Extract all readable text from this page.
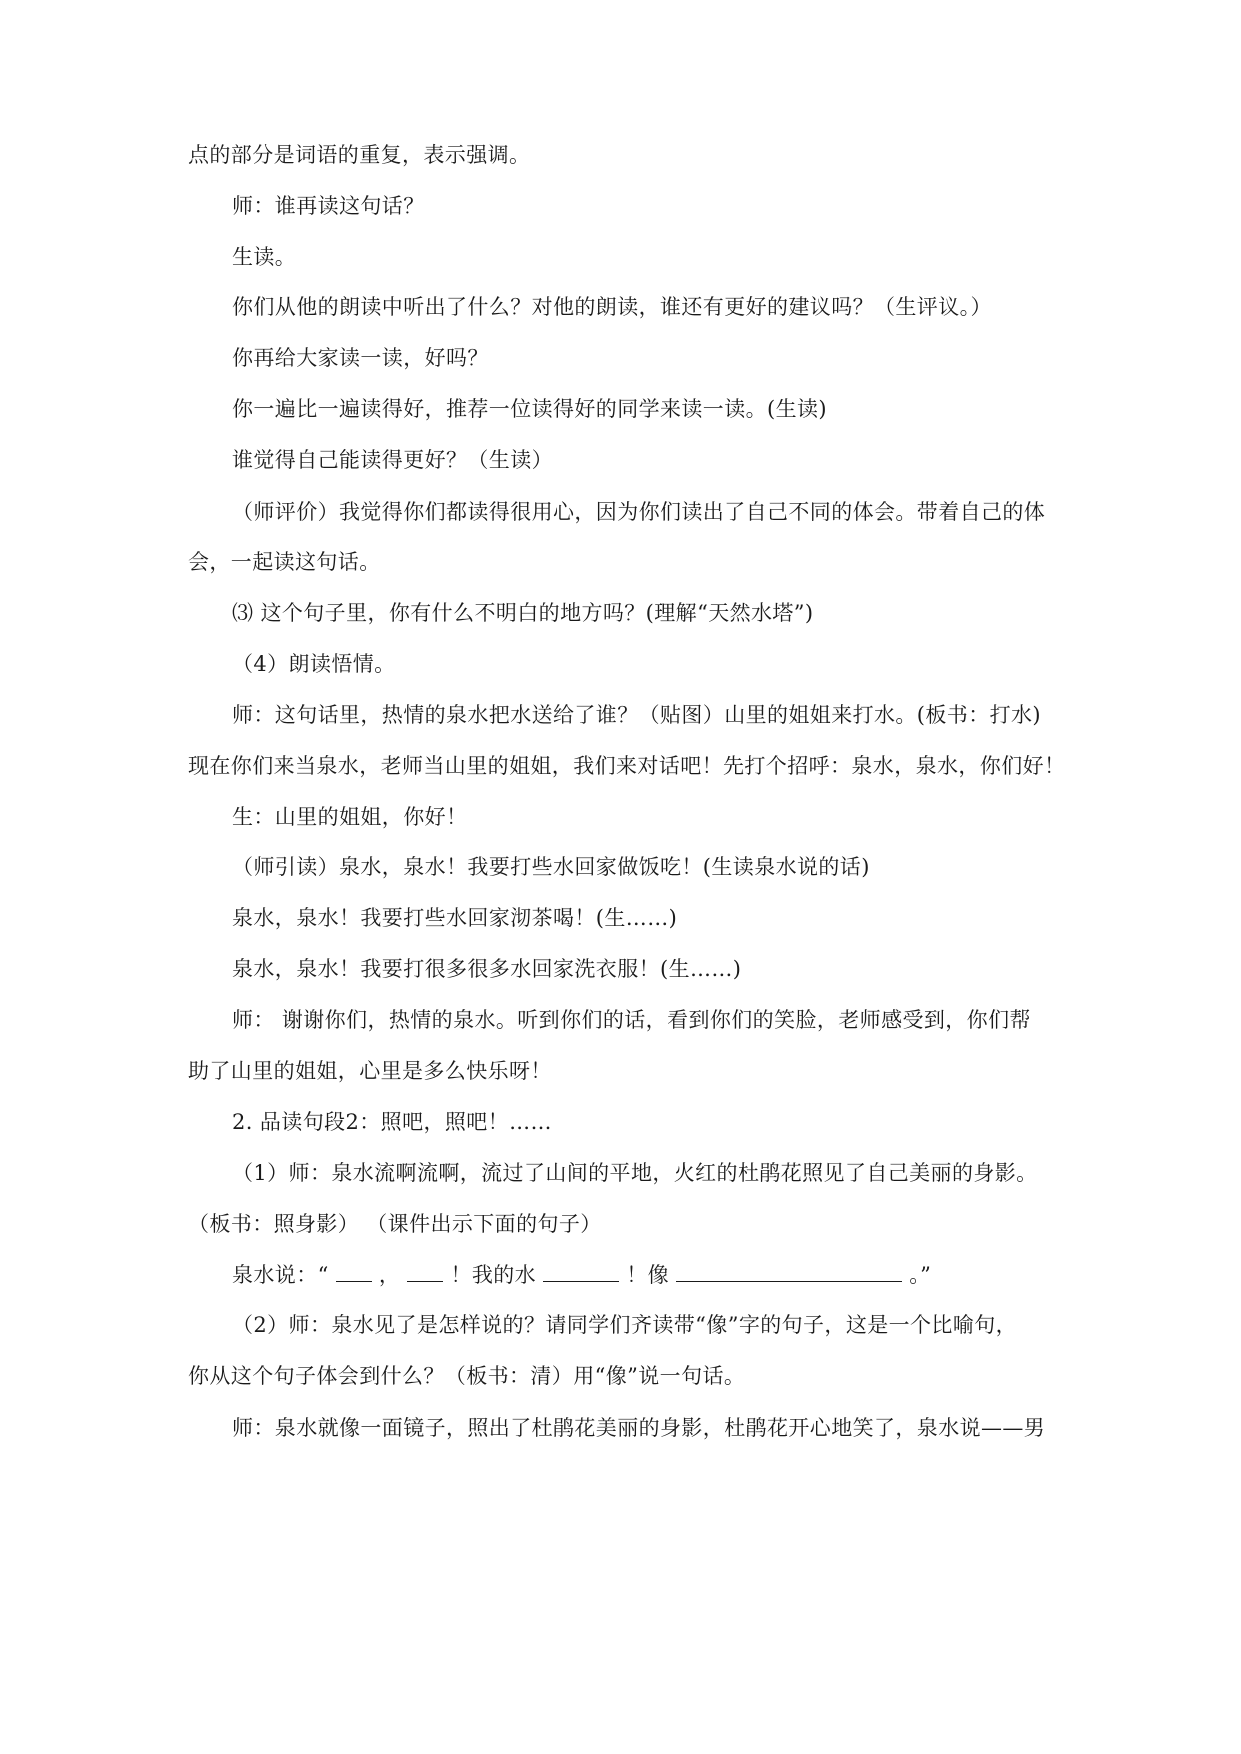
点的部分是词语的重复，表示强调。
师：谁再读这句话？
生读。
你们从他的朗读中听出了什么？对他的朗读，谁还有更好的建议吗？（生评议。）
你再给大家读一读，好吗？
你一遍比一遍读得好，推荐一位读得好的同学来读一读。(生读)
谁觉得自己能读得更好？（生读）
（师评价）我觉得你们都读得很用心，因为你们读出了自己不同的体会。带着自己的体
会，一起读这句话。
⑶ 这个句子里，你有什么不明白的地方吗？(理解“天然水塔”)
（4）朗读悟情。
师：这句话里，热情的泉水把水送给了谁？（贴图）山里的姐姐来打水。(板书：打水)
现在你们来当泉水，老师当山里的姐姐，我们来对话吧！先打个招呼：泉水，泉水，你们好！
生：山里的姐姐，你好！
（师引读）泉水，泉水！我要打些水回家做饭吃！(生读泉水说的话)
泉水，泉水！我要打些水回家沏茶喝！(生……)
泉水，泉水！我要打很多很多水回家洗衣服！(生……)
师： 谢谢你们，热情的泉水。听到你们的话，看到你们的笑脸，老师感受到，你们帮
助了山里的姐姐，心里是多么快乐呀！
2. 品读句段2：照吧，照吧！……
（1）师：泉水流啊流啊，流过了山间的平地，火红的杜鹃花照见了自己美丽的身影。
（板书：照身影） （课件出示下面的句子）
泉水说：“ ， ！我的水	！像	。”
（2）师：泉水见了是怎样说的？请同学们齐读带“像”字的句子，这是一个比喻句，
你从这个句子体会到什么？（板书：清）用“像”说一句话。
师：泉水就像一面镜子，照出了杜鹃花美丽的身影，杜鹃花开心地笑了，泉水说——男
